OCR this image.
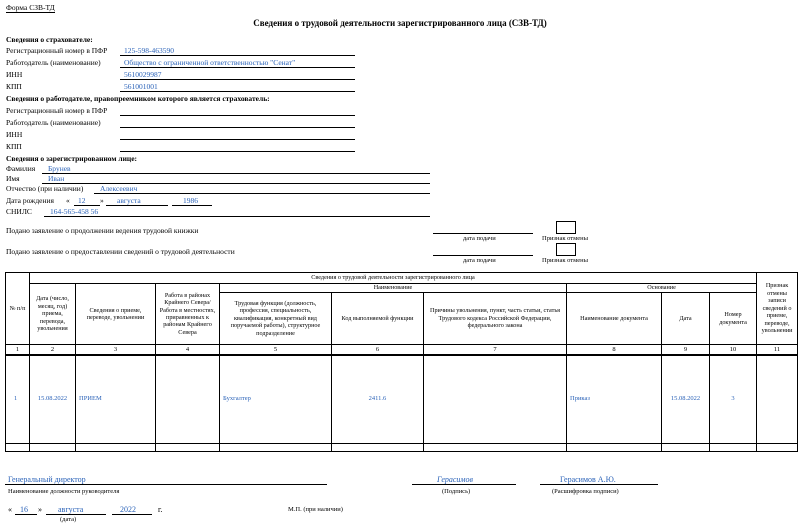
Форма СЗВ-ТД
Сведения о трудовой деятельности зарегистрированного лица (СЗВ-ТД)
Сведения о страхователе:
Регистрационный номер в ПФР 125-598-463590
Работодатель (наименование)	Общество с ограниченной ответственностью "Сенат"
ИНН	5610029987
КПП	561001001
Сведения о работодателе, правопреемником которого является страхователь:
Регистрационный номер в ПФР
Работодатель (наименование)
ИНН
КПП
Сведения о зарегистрированном лице:
Фамилия Брунев
Имя	Иван
Отчество (при наличии) Алексеевич
Дата рождения « 12 » августа	1986
СНИЛС 164-565-458 56
Подано заявление о продолжении ведения трудовой книжки
дата подачи	Признак отмены
Подано заявление о предоставлении сведений о трудовой деятельности
дата подачи	Признак отмены
№ п/п	Сведения о трудовой деятельности зарегистрированного лица									Признак отмены записи сведений о приеме, переводе, увольнении
	Дата (число, месяц, год) приема, перевода, увольнения	Сведения о приеме, переводе, увольнении	Работа в районах Крайнего Севера/Работа в местностях, приравненных к районам Крайнего Севера	Наименование			Основание			
				Трудовая функция (должность, профессия, специальность, квалификация, конкретный вид поручаемой работы), структурное подразделение	Код выполняемой функции	Причины увольнения, пункт, часть статьи, статья Трудового кодекса Российской Федерации, федерального закона	Наименование документа	Дата	Номер документа	
1	2	3	4	5	6	7	8	9	10	11
1	15.08.2022	ПРИЕМ		Бухгалтер	2411.6		Приказ	15.08.2022	3	

Генеральный директор
Наименование должности руководителя
Герасимов
(Подпись)
Герасимов А.Ю.
(Расшифровка подписи)
« 16 » августа	2022	г.
(дата)
М.П. (при наличии)
